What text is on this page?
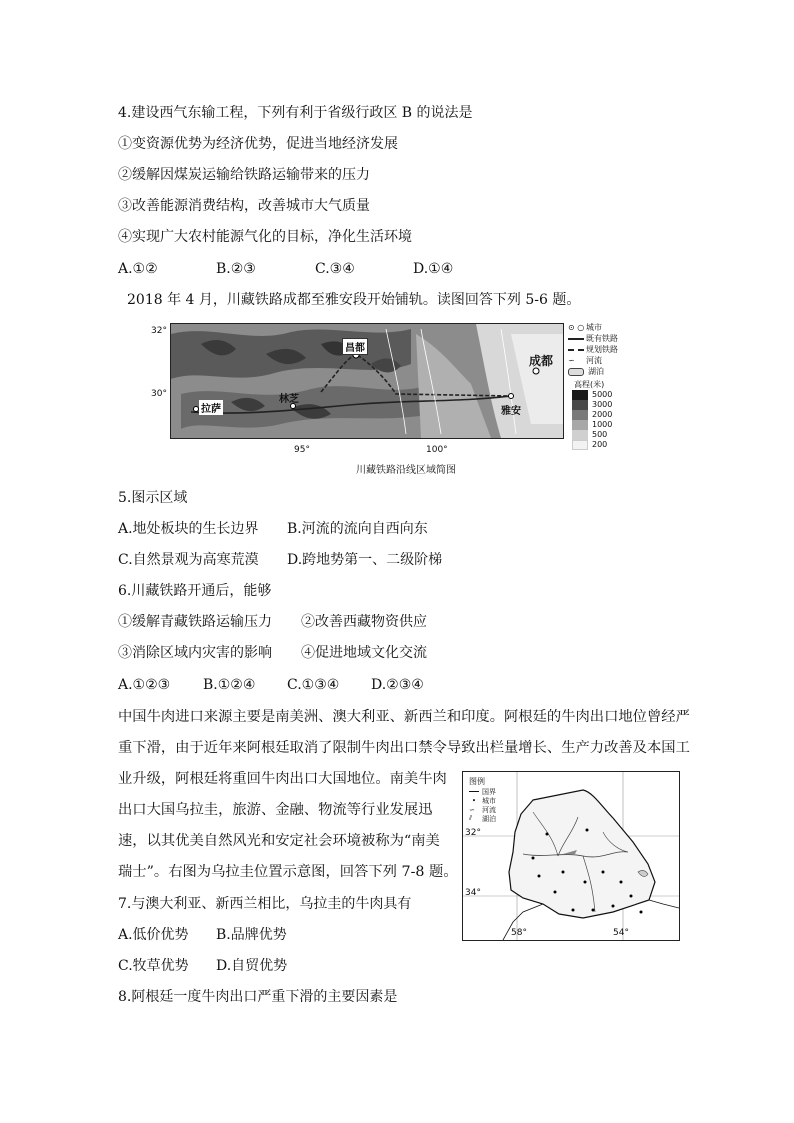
4.建设西气东输工程，下列有利于省级行政区 B 的说法是
①变资源优势为经济优势，促进当地经济发展
②缓解因煤炭运输给铁路运输带来的压力
③改善能源消费结构，改善城市大气质量
④实现广大农村能源气化的目标，净化生活环境
A.①②	B.②③	C.③④	D.①④
2018 年 4 月，川藏铁路成都至雅安段开始铺轨。读图回答下列 5-6 题。
32°
30°
昌都
成都
林芝
拉萨	雅安
95°	100°
⊙ ○ 城市
既有铁路
规划铁路
∽	河流
湖泊
高程(米)
5000
3000
2000
1000
500
200
川藏铁路沿线区域简图
5.图示区域
A.地处板块的生长边界 B.河流的流向自西向东
C.自然景观为高寒荒漠 D.跨地势第一、二级阶梯
6.川藏铁路开通后，能够
①缓解青藏铁路运输压力 ②改善西藏物资供应
③消除区域内灾害的影响 ④促进地域文化交流
A.①②③ B.①②④ C.①③④ D.②③④
中国牛肉进口来源主要是南美洲、澳大利亚、新西兰和印度。阿根廷的牛肉出口地位曾经严
重下滑，由于近年来阿根廷取消了限制牛肉出口禁令导致出栏量增长、生产力改善及本国工
业升级，阿根廷将重回牛肉出口大国地位。南美牛肉
出口大国乌拉圭，旅游、金融、物流等行业发展迅
速，以其优美自然风光和安定社会环境被称为“南美
瑞士”。右图为乌拉圭位置示意图，回答下列 7-8 题。
图例
国界
• 城市
∽	河流
⫽	湖泊
32°
34°
58°	54°
7.与澳大利亚、新西兰相比，乌拉圭的牛肉具有
A.低价优势 B.品牌优势
C.牧草优势 D.自贸优势
8.阿根廷一度牛肉出口严重下滑的主要因素是
